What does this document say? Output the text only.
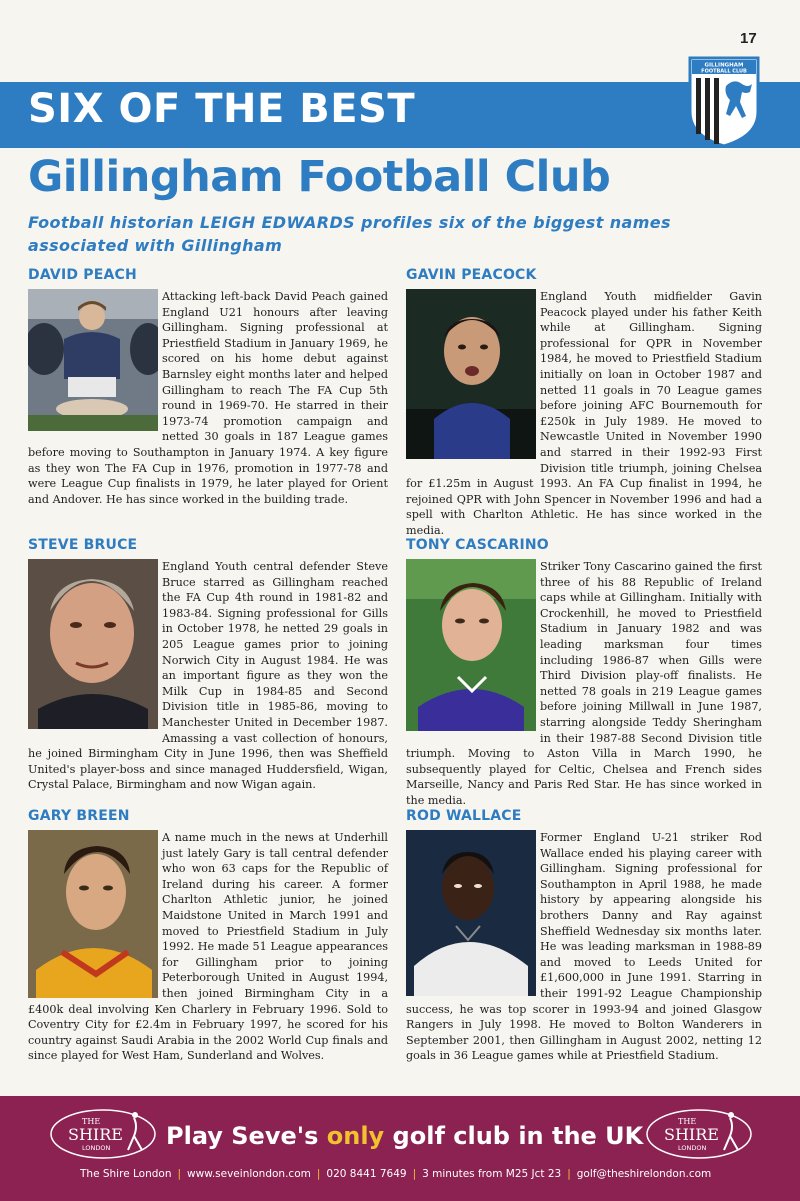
17
SIX OF THE BEST
GILLINGHAM
FOOTBALL CLUB
Gillingham Football Club
Football historian LEIGH EDWARDS profiles six of the biggest names associated with Gillingham
DAVID PEACH
Attacking left-back David Peach gained England U21 honours after leaving Gillingham. Signing professional at Priestfield Stadium in January 1969, he scored on his home debut against Barnsley eight months later and helped Gillingham to reach The FA Cup 5th round in 1969-70. He starred in their 1973-74 promotion campaign and netted 30 goals in 187 League games before moving to Southampton in January 1974. A key figure as they won The FA Cup in 1976, promotion in 1977-78 and were League Cup finalists in 1979, he later played for Orient and Andover. He has since worked in the building trade.
GAVIN PEACOCK
England Youth midfielder Gavin Peacock played under his father Keith while at Gillingham. Signing professional for QPR in November 1984, he moved to Priestfield Stadium initially on loan in October 1987 and netted 11 goals in 70 League games before joining AFC Bournemouth for £250k in July 1989. He moved to Newcastle United in November 1990 and starred in their 1992-93 First Division title triumph, joining Chelsea for £1.25m in August 1993. An FA Cup finalist in 1994, he rejoined QPR with John Spencer in November 1996 and had a spell with Charlton Athletic. He has since worked in the media.
STEVE BRUCE
England Youth central defender Steve Bruce starred as Gillingham reached the FA Cup 4th round in 1981-82 and 1983-84. Signing professional for Gills in October 1978, he netted 29 goals in 205 League games prior to joining Norwich City in August 1984. He was an important figure as they won the Milk Cup in 1984-85 and Second Division title in 1985-86, moving to Manchester United in December 1987. Amassing a vast collection of honours, he joined Birmingham City in June 1996, then was Sheffield United's player-boss and since managed Huddersfield, Wigan, Crystal Palace, Birmingham and now Wigan again.
TONY CASCARINO
Striker Tony Cascarino gained the first three of his 88 Republic of Ireland caps while at Gillingham. Initially with Crockenhill, he moved to Priestfield Stadium in January 1982 and was leading marksman four times including 1986-87 when Gills were Third Division play-off finalists. He netted 78 goals in 219 League games before joining Millwall in June 1987, starring alongside Teddy Sheringham in their 1987-88 Second Division title triumph. Moving to Aston Villa in March 1990, he subsequently played for Celtic, Chelsea and French sides Marseille, Nancy and Paris Red Star. He has since worked in the media.
GARY BREEN
A name much in the news at Underhill just lately Gary is tall central defender who won 63 caps for the Republic of Ireland during his career. A former Charlton Athletic junior, he joined Maidstone United in March 1991 and moved to Priestfield Stadium in July 1992. He made 51 League appearances for Gillingham prior to joining Peterborough United in August 1994, then joined Birmingham City in a £400k deal involving Ken Charlery in February 1996. Sold to Coventry City for £2.4m in February 1997, he scored for his country against Saudi Arabia in the 2002 World Cup finals and since played for West Ham, Sunderland and Wolves.
ROD WALLACE
Former England U-21 striker Rod Wallace ended his playing career with Gillingham. Signing professional for Southampton in April 1988, he made history by appearing alongside his brothers Danny and Ray against Sheffield Wednesday six months later. He was leading marksman in 1988-89 and moved to Leeds United for £1,600,000 in June 1991. Starring in their 1991-92 League Championship success, he was top scorer in 1993-94 and joined Glasgow Rangers in July 1998. He moved to Bolton Wanderers in September 2001, then Gillingham in August 2002, netting 12 goals in 36 League games while at Priestfield Stadium.
THE
SHIRE
LONDON Play Seve's only golf club in the UK
THE
SHIRE
LONDON
The Shire London | www.seveinlondon.com | 020 8441 7649 | 3 minutes from M25 Jct 23 | golf@theshirelondon.com
